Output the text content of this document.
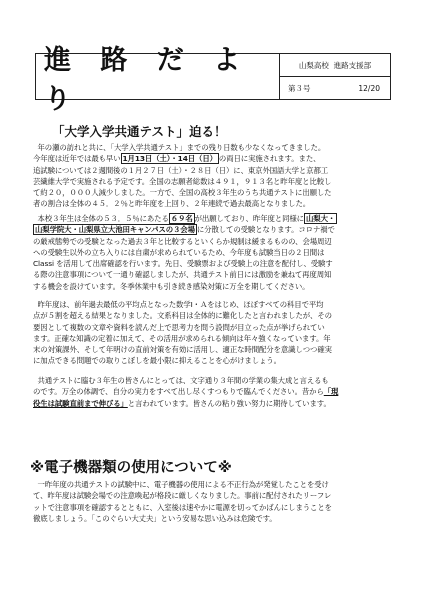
進 路 だ よ り
山梨高校
進路支援部
第３号	12/20
「大学入学共通テスト」迫る！
年の瀬の訪れと共に、「大学入学共通テスト」までの残り日数も少なくなってきました。
今年度は近年では最も早い 1月13日（土）・14日（日） の両日に実施されます。また、
追試験については２週間後の１月２７日（土）・２８日（日）に、東京外国語大学と京都工
芸繊維大学で実施される予定です。全国の志願者総数は４９１，９１３名と昨年度と比較し
て約２０，０００人減少しました。一方で、全国の高校３年生のうち共通テストに出願した
者の割合は全体の４５．２％と昨年度を上回り、２年連続で過去最高となりました。
本校３年生は全体の５３．５％にあたる ６９名 が出願しており、昨年度と同様に 山梨大・
山梨学院大・山梨県立大池田キャンパスの３会場 に分散しての受験となります。コロナ禍で
の厳戒態勢での受験となった過去３年と比較するといくらか規制は緩まるものの、会場周辺
への受験生以外の立ち入りには自粛が求められているため、今年度も試験当日の２日間は
Classi を活用して出席確認を行います。先日、受験票および受験上の注意を配付し、受験す
る際の注意事項について一通り確認しましたが、共通テスト前日には激励を兼ねて再度周知
する機会を設けています。冬季休業中も引き続き感染対策に万全を期してください。
昨年度は、前年過去最低の平均点となった数学Ⅰ・Ａをはじめ、ほぼすべての科目で平均
点が５割を超える結果となりました。文系科目は全体的に難化したと言われましたが、その
要因として複数の文章や資料を読んだ上で思考力を問う設問が目立った点が挙げられてい
ます。正確な知識の定着に加えて、その活用が求められる傾向は年々強くなっています。年
末の対策課外、そして年明けの直前対策を有効に活用し、適正な時間配分を意識しつつ確実
に加点できる問題での取りこぼしを最小限に抑えることを心がけましょう。
共通テストに臨む３年生の皆さんにとっては、文字通り３年間の学業の集大成と言えるも
のです。万全の体調で、自分の実力をすべて出し尽くすつもりで臨んでください。昔から「現
役生は試験直前まで伸びる」と言われています。皆さんの粘り強い努力に期待しています。
※電子機器類の使用について※
一昨年度の共通テストの試験中に、電子機器の使用による不正行為が発覚したことを受け
て、昨年度は試験会場での注意喚起が格段に厳しくなりました。事前に配付されたリーフレ
ットで注意事項を確認するとともに、入室後は速やかに電源を切ってかばんにしまうことを
徹底しましょう。「このぐらい大丈夫」という安易な思い込みは危険です。
